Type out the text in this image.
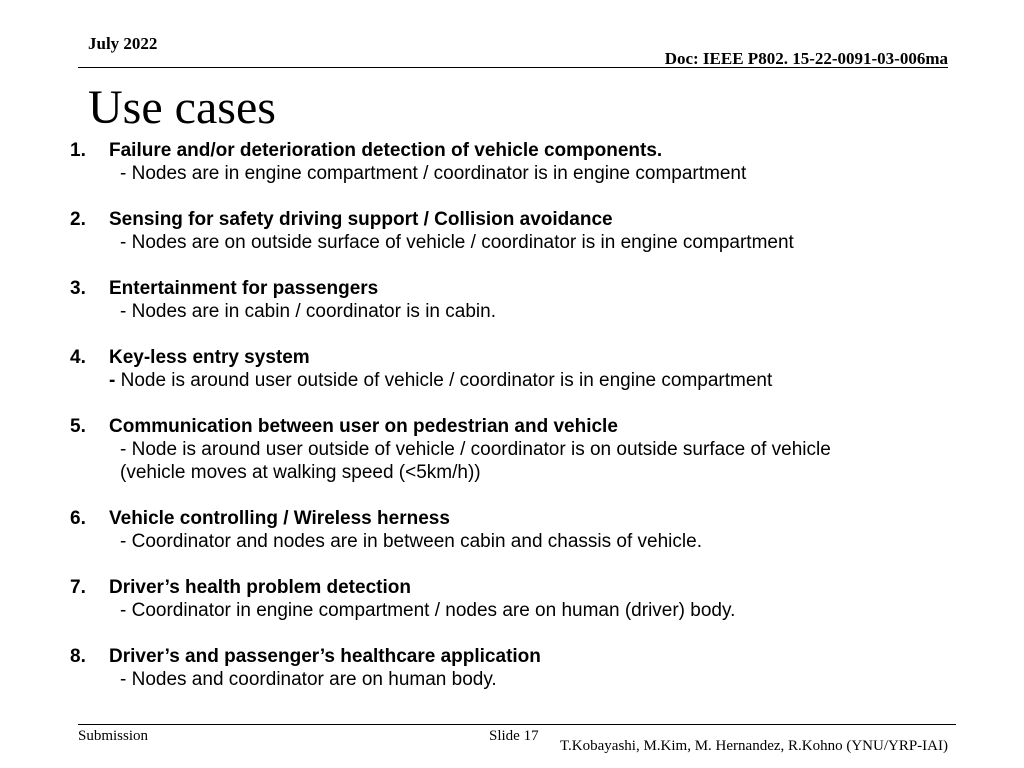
July 2022
Doc: IEEE P802. 15-22-0091-03-006ma
Use cases
1.	Failure and/or deterioration detection of vehicle components.
- Nodes are in engine compartment / coordinator is in engine compartment
2.	Sensing for safety driving support / Collision avoidance
- Nodes are on outside surface of vehicle / coordinator is in engine compartment
3.	Entertainment for passengers
- Nodes are in cabin / coordinator is in cabin.
4.	Key-less entry system
- Node is around user outside of vehicle / coordinator is in engine compartment
5.	Communication between user on pedestrian and vehicle
- Node is around user outside of vehicle / coordinator is on outside surface of vehicle
(vehicle moves at walking speed (<5km/h))
6.	Vehicle controlling / Wireless herness
- Coordinator and nodes are in between cabin and chassis of vehicle.
7.	Driver’s health problem detection
- Coordinator in engine compartment / nodes are on human (driver) body.
8.	Driver’s and passenger’s healthcare application
- Nodes and coordinator are on human body.
Submission	Slide 17
T.Kobayashi, M.Kim, M. Hernandez, R.Kohno (YNU/YRP-IAI)
